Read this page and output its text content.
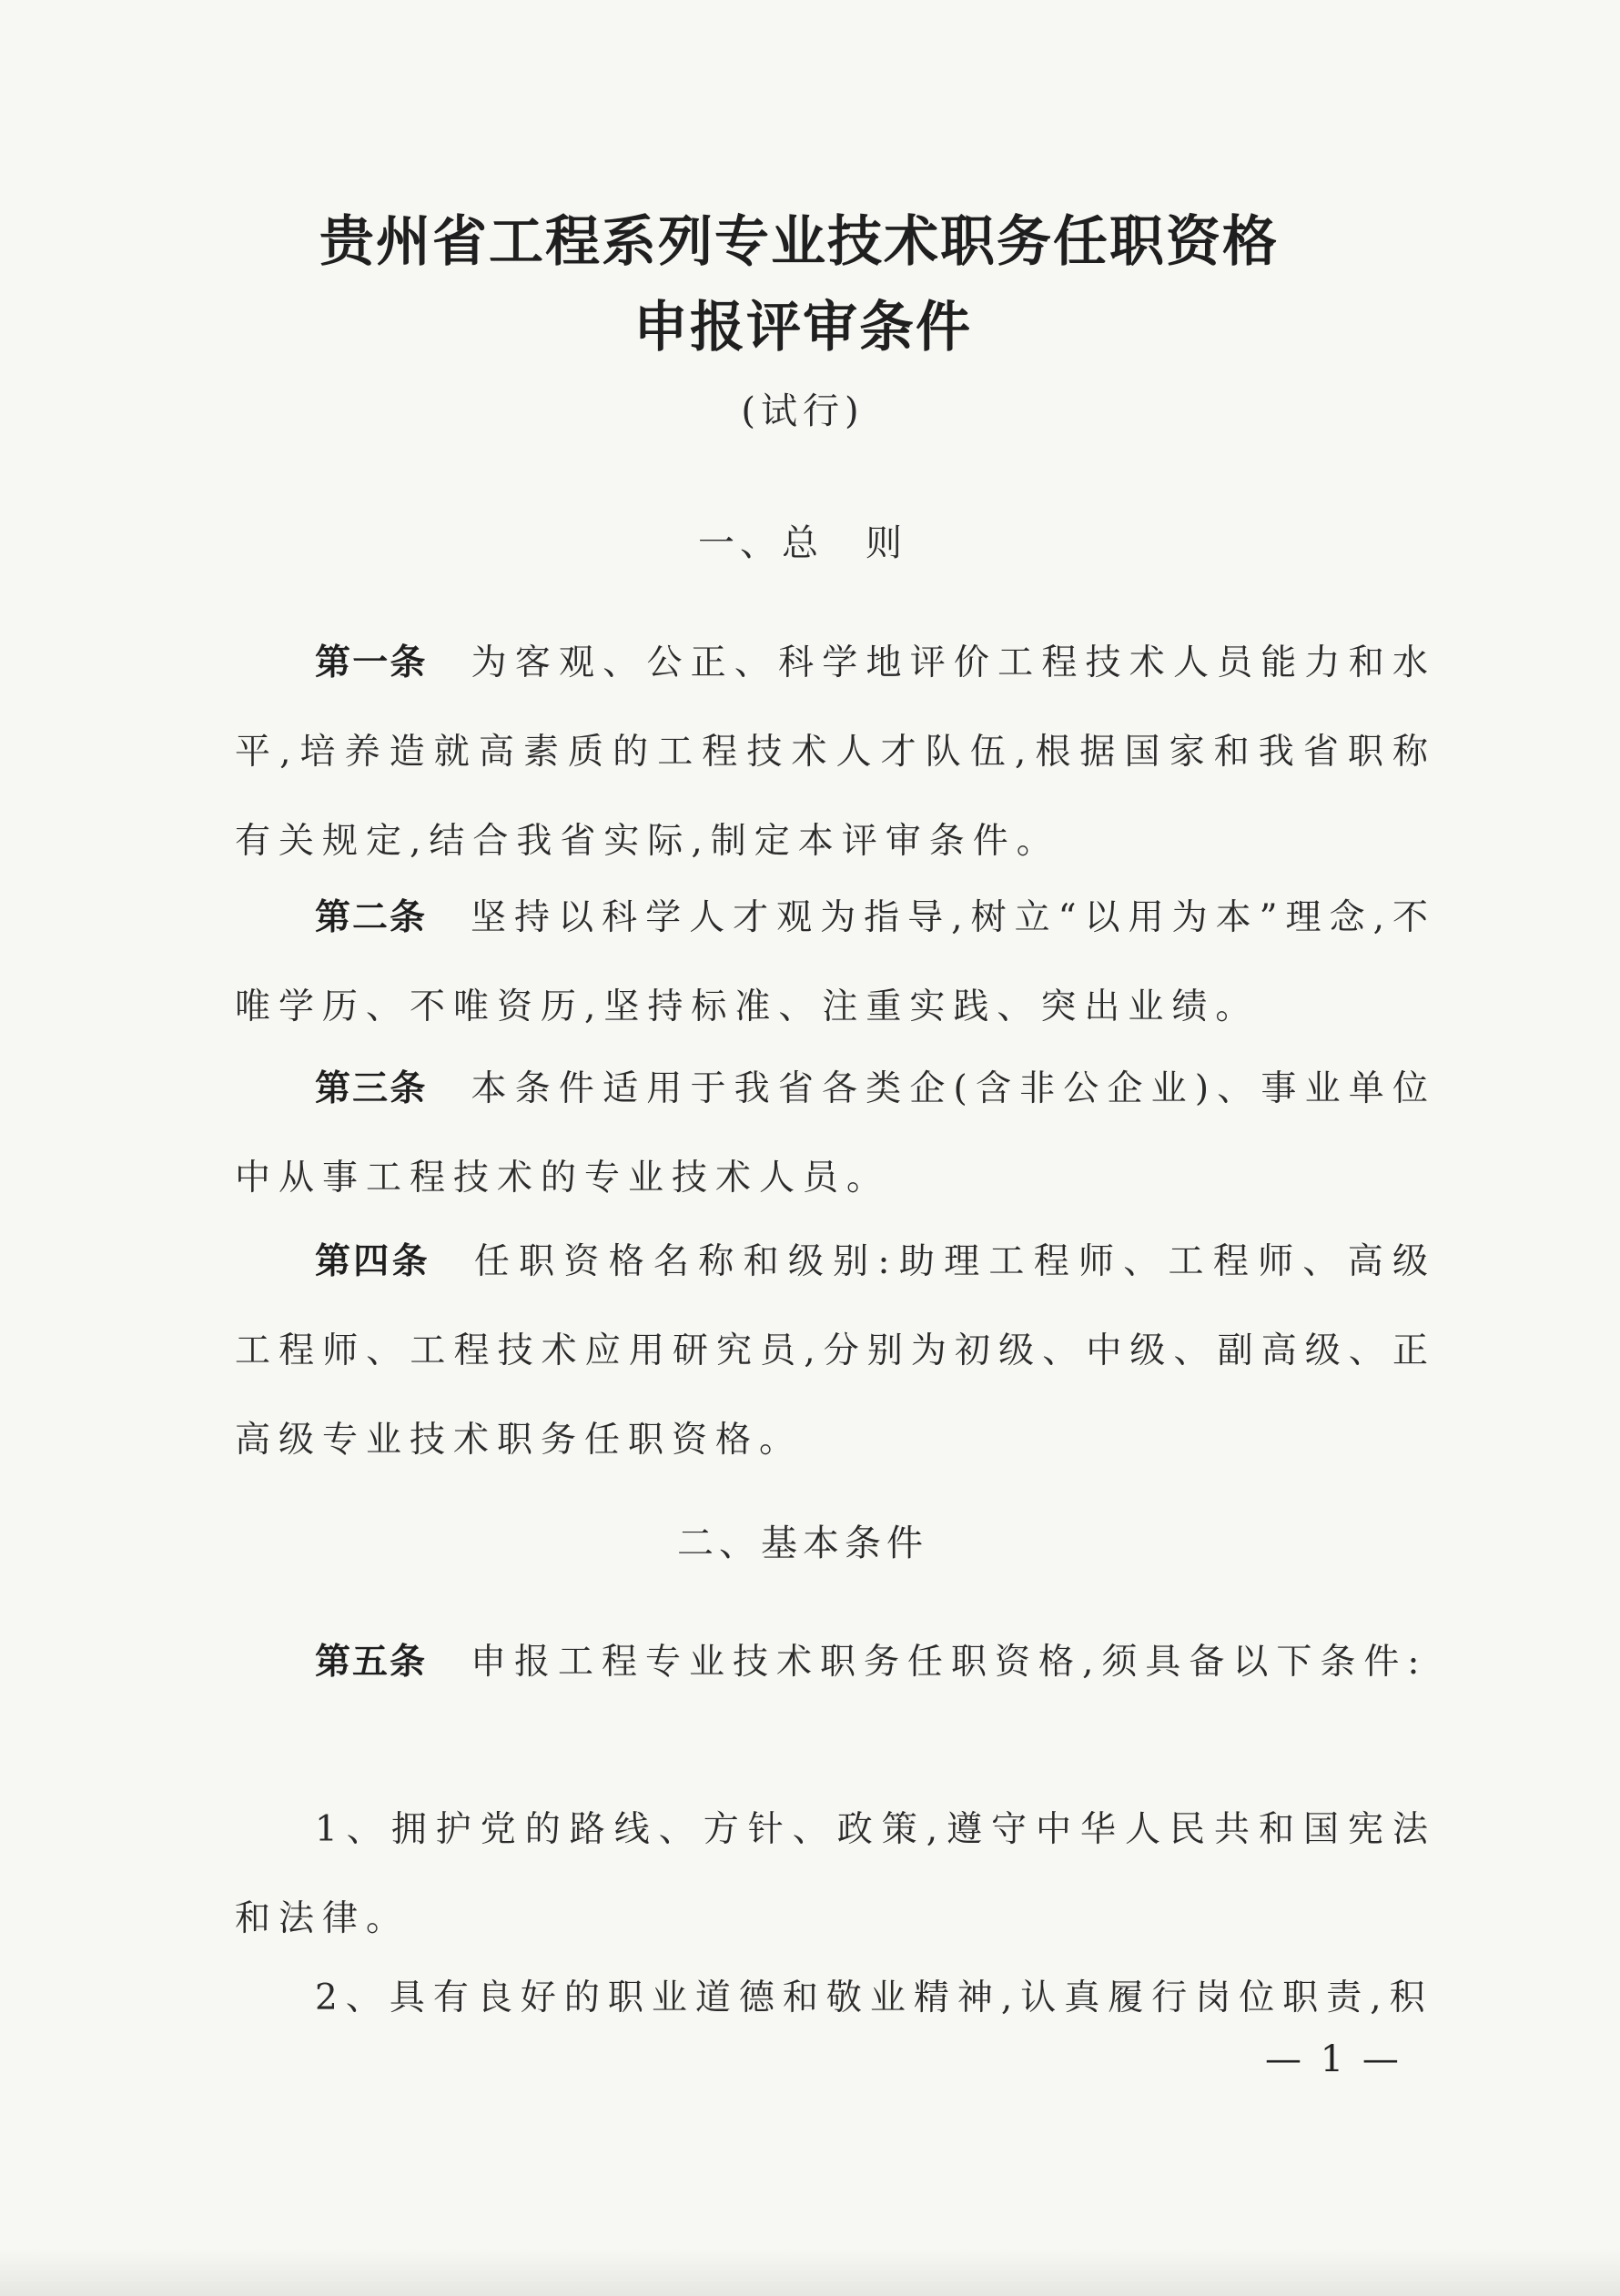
贵州省工程系列专业技术职务任职资格
申报评审条件
(试行)
一、总　则

第一条 为客观、公正、科学地评价工程技术人员能力和水平,培养造就高素质的工程技术人才队伍,根据国家和我省职称有关规定,结合我省实际,制定本评审条件。

第二条 坚持以科学人才观为指导,树立“以用为本”理念,不唯学历、不唯资历,坚持标准、注重实践、突出业绩。

第三条 本条件适用于我省各类企(含非公企业)、事业单位中从事工程技术的专业技术人员。

第四条 任职资格名称和级别:助理工程师、工程师、高级工程师、工程技术应用研究员,分别为初级、中级、副高级、正高级专业技术职务任职资格。

二、基本条件

第五条 申报工程专业技术职务任职资格,须具备以下条件:

1、拥护党的路线、方针、政策,遵守中华人民共和国宪法和法律。

2、具有良好的职业道德和敬业精神,认真履行岗位职责,积

— 1 —
